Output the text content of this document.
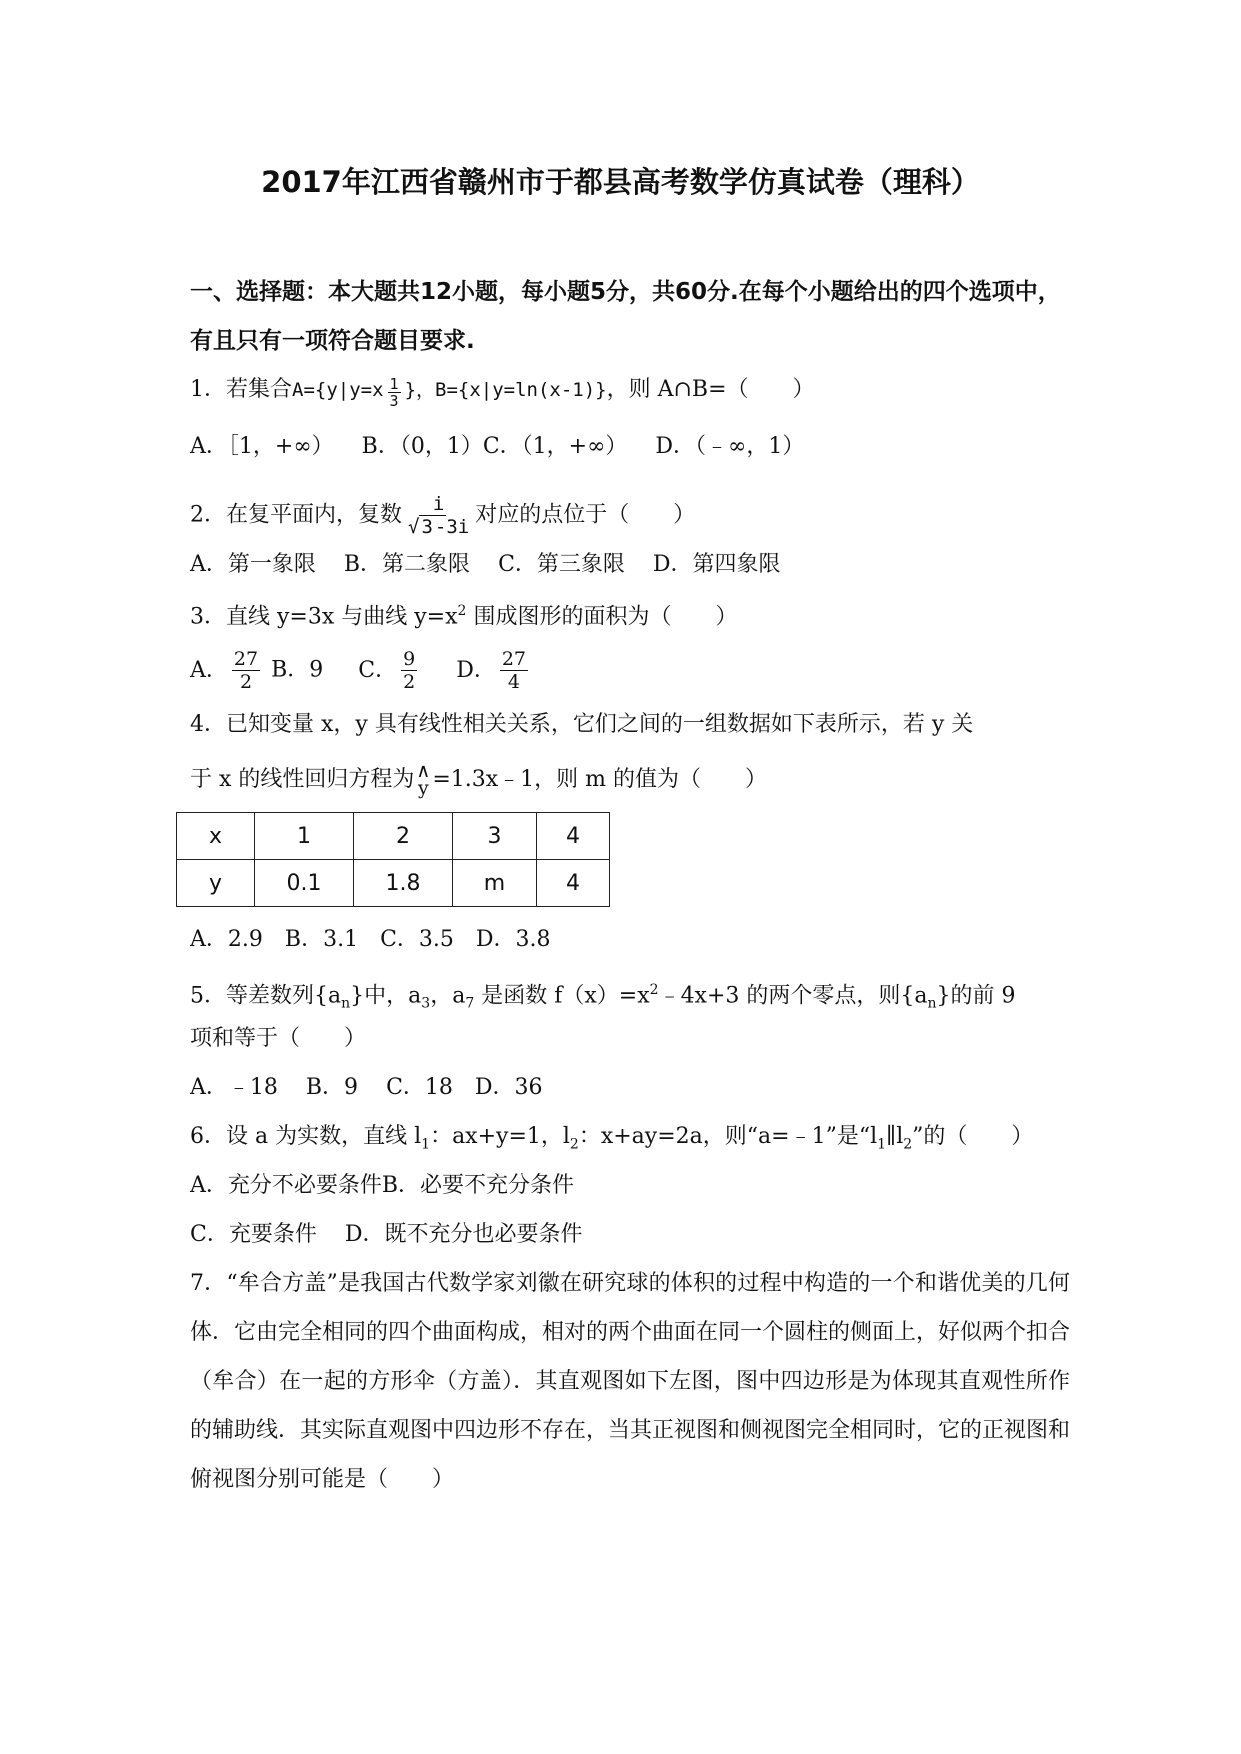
2017年江西省赣州市于都县高考数学仿真试卷（理科）
一、选择题：本大题共12小题，每小题5分，共60分.在每个小题给出的四个选项中，有且只有一项符合题目要求.
1．若集合$A=\{y|y=x \frac{1}{3}$ }，B={x|y=ln(x-1)}，则 A∩B=（　　）
A．［1，+∞） B．（0，1）C．（1，+∞） D．（﹣∞，1）
2．在复平面内，复数 $\frac{i}{√ 3 -3i}$ 对应的点位于（　　）
A．第一象限 B．第二象限 C．第三象限 D．第四象限
3．直线 y=3x 与曲线 $y=x^2$ 围成图形的面积为（　　）
A． $\frac{27}{2}$ B．9 C． $\frac{9}{2}$ D． $\frac{27}{4}$
4．已知变量 x，y 具有线性相关关系，它们之间的一组数据如下表所示，若 y 关
于 x 的线性回归方程为 ∧
y =1.3x﹣1，则 m 的值为（　　）
x	1	2	3	4
y	0.1	1.8	m	4
A．2.9　 B．3.1　 C．3.5　 D．3.8
5．等差数列$\{a_n\}$中，$a_3$，$a_7$ 是函数 $f(x)=x^2﹣4x+3$ 的两个零点，则$\{a_n\}$的前 9
项和等于（　　）
A．﹣18 B．9 C．18　 D．36
6．设 a 为实数，直线 $l_1$：ax+y=1，$l_2$：x+ay=2a，则“a=﹣1”是“$l_1\parallel l_2$”的（　　）
A．充分不必要条件B．必要不充分条件
C．充要条件 D．既不充分也必要条件
7．“牟合方盖”是我国古代数学家刘徽在研究球的体积的过程中构造的一个和谐优美的几何体．它由完全相同的四个曲面构成，相对的两个曲面在同一个圆柱的侧面上，好似两个扣合（牟合）在一起的方形伞（方盖）．其直观图如下左图，图中四边形是为体现其直观性所作的辅助线．其实际直观图中四边形不存在，当其正视图和侧视图完全相同时，它的正视图和俯视图分别可能是（　　）
